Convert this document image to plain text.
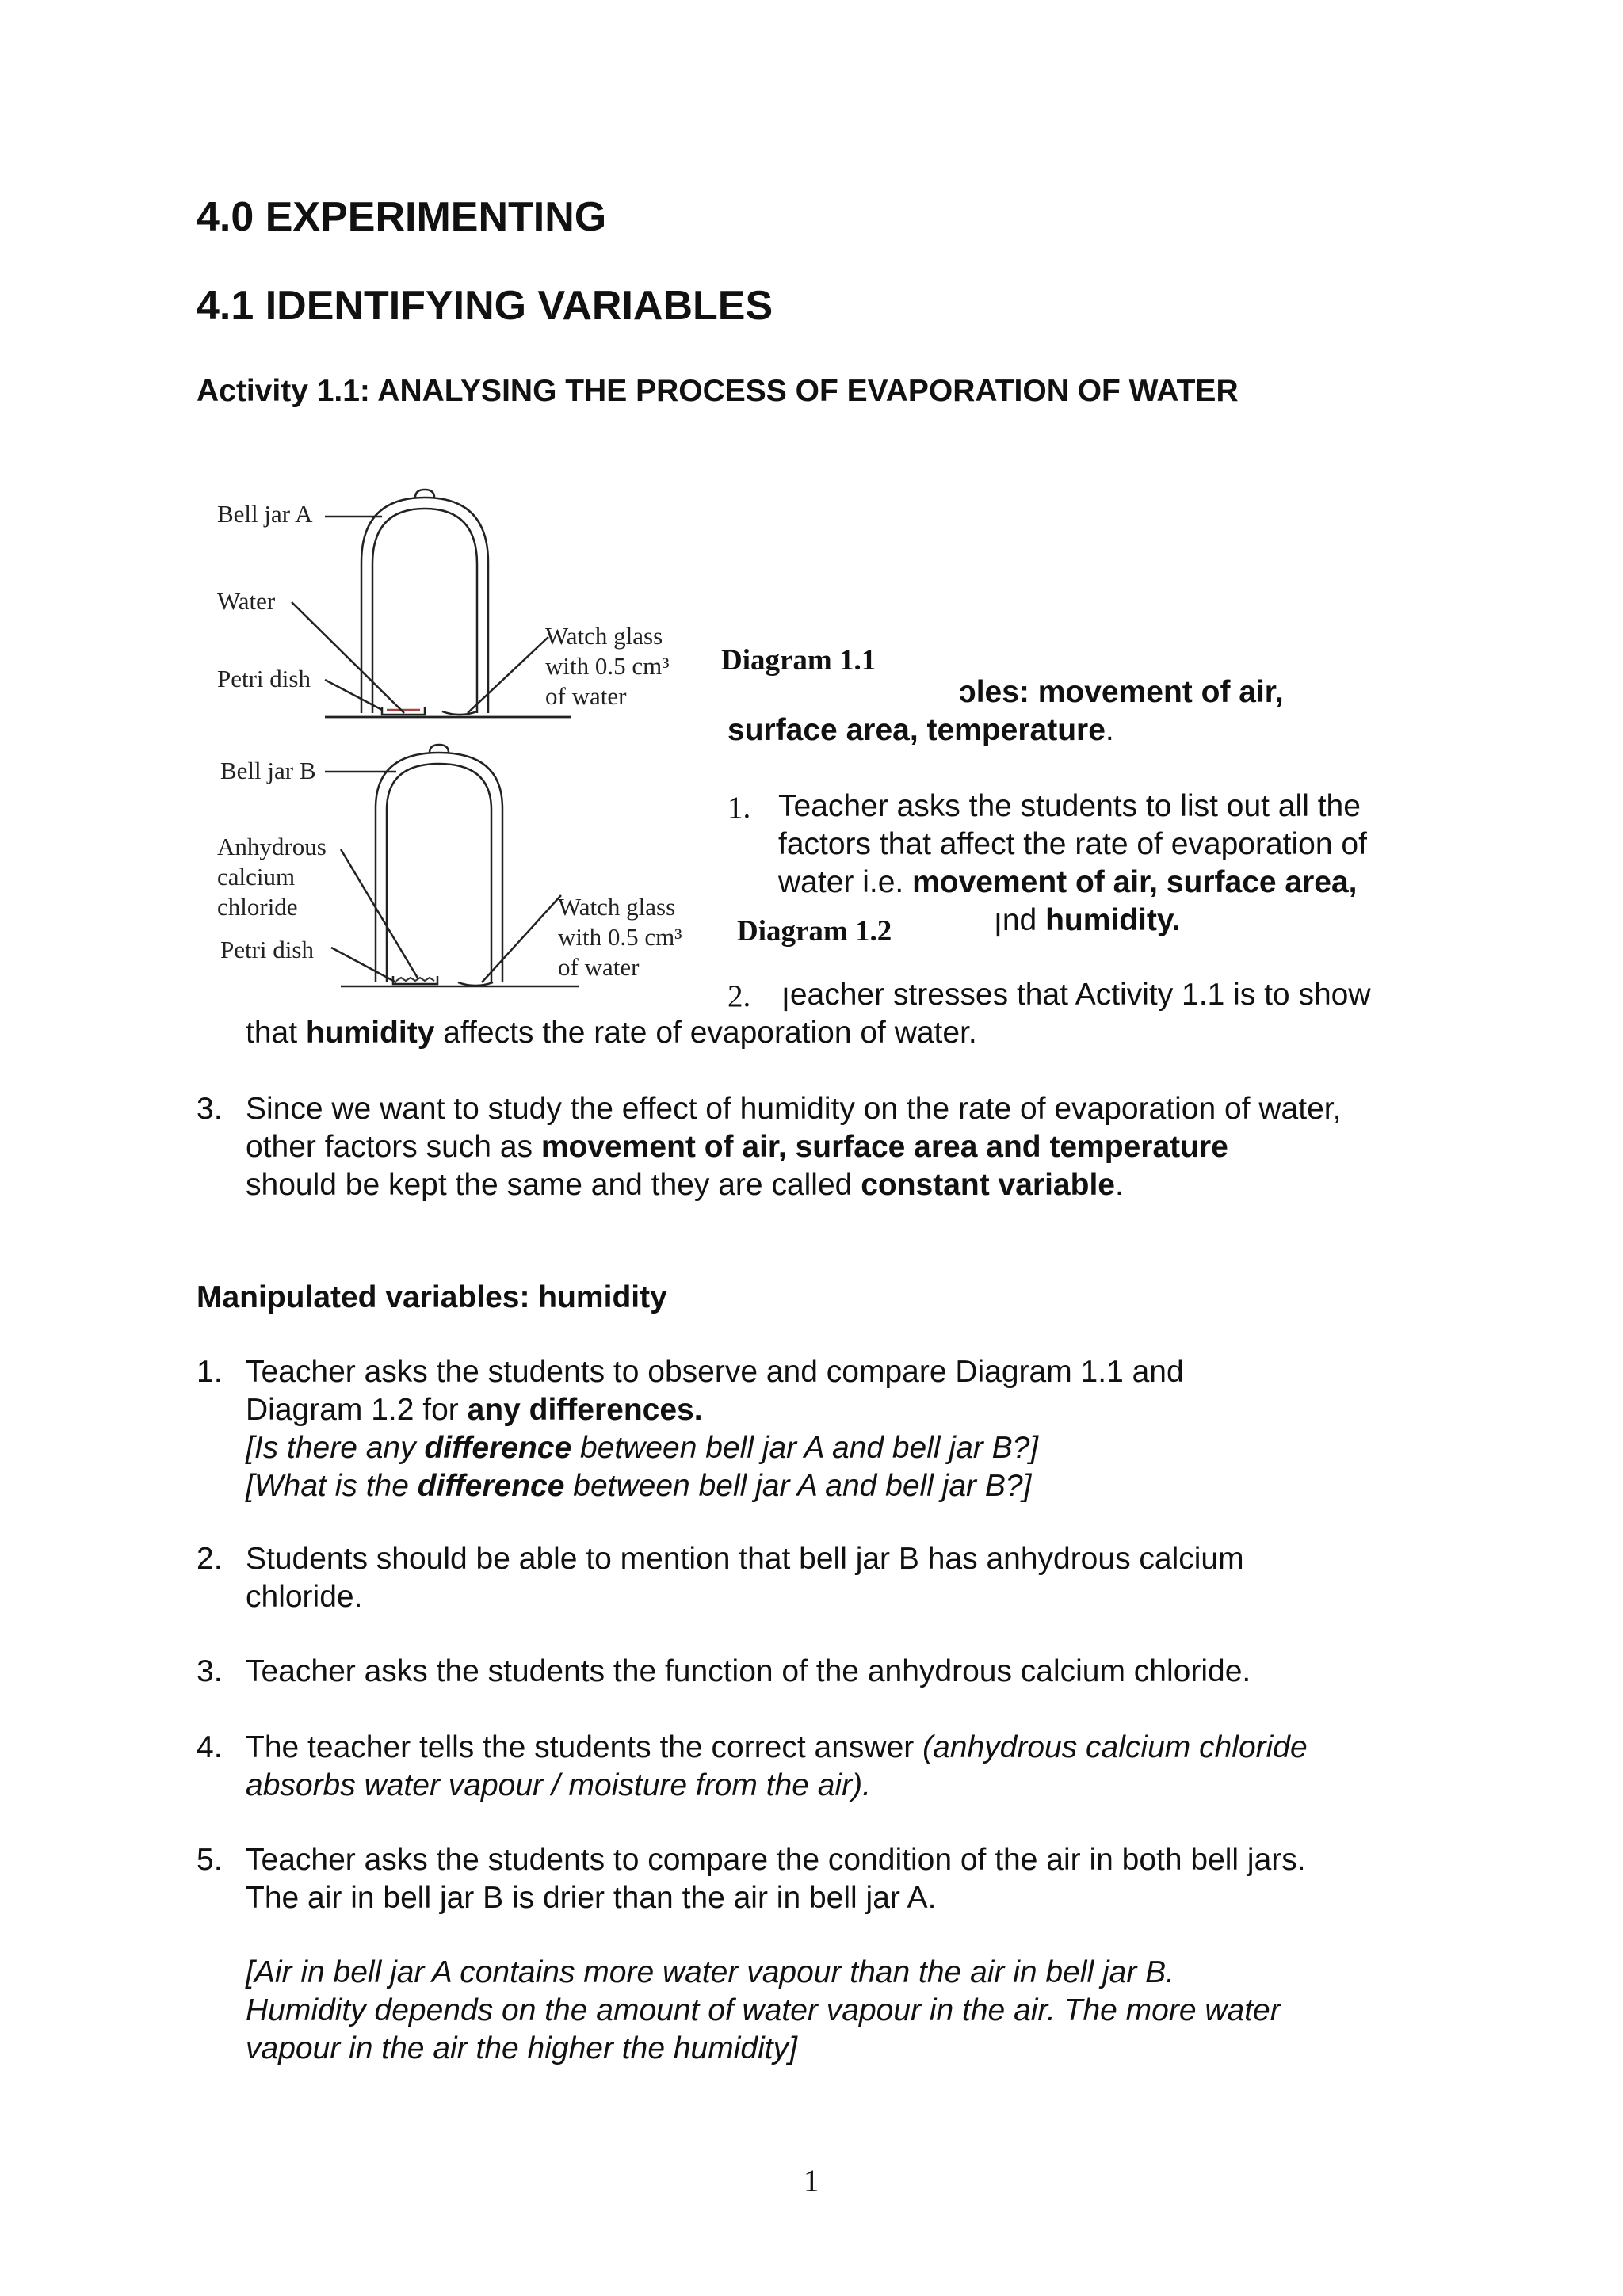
4.0 EXPERIMENTING
4.1 IDENTIFYING VARIABLES
Activity 1.1: ANALYSING THE PROCESS OF EVAPORATION OF WATER
Bell jar A
Water
Petri dish
Watch glass
with 0.5 cm³
of water
Diagram 1.1
Bell jar B
Anhydrous
calcium
chloride
Petri dish
Watch glass
with 0.5 cm³
of water
Diagram 1.2
ɔles: movement of air,
surface area, temperature.
1. Teacher asks the students to list out all the
factors that affect the rate of evaporation of
water i.e. movement of air, surface area,
ꞁnd humidity.
2. ꞁeacher stresses that Activity 1.1 is to show
that humidity affects the rate of evaporation of water.
3. Since we want to study the effect of humidity on the rate of evaporation of water,
other factors such as movement of air, surface area and temperature
should be kept the same and they are called constant variable.
Manipulated variables: humidity
1. Teacher asks the students to observe and compare Diagram 1.1 and
Diagram 1.2 for any differences.
[Is there any difference between bell jar A and bell jar B?]
[What is the difference between bell jar A and bell jar B?]
2. Students should be able to mention that bell jar B has anhydrous calcium
chloride.
3. Teacher asks the students the function of the anhydrous calcium chloride.
4. The teacher tells the students the correct answer (anhydrous calcium chloride
absorbs water vapour / moisture from the air).
5. Teacher asks the students to compare the condition of the air in both bell jars.
The air in bell jar B is drier than the air in bell jar A.
[Air in bell jar A contains more water vapour than the air in bell jar B.
Humidity depends on the amount of water vapour in the air. The more water
vapour in the air the higher the humidity]
1
